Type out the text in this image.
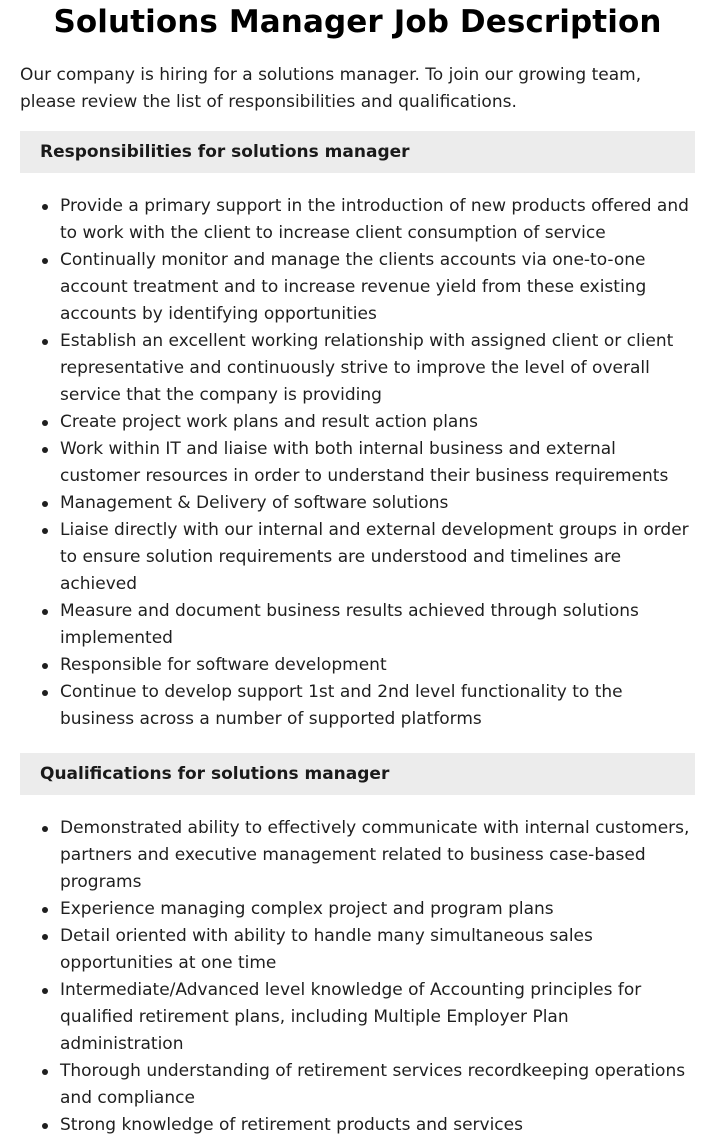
Solutions Manager Job Description

Our company is hiring for a solutions manager. To join our growing team, please review the list of responsibilities and qualifications.

Responsibilities for solutions manager
Provide a primary support in the introduction of new products offered and to work with the client to increase client consumption of service
Continually monitor and manage the clients accounts via one-to-one account treatment and to increase revenue yield from these existing accounts by identifying opportunities
Establish an excellent working relationship with assigned client or client representative and continuously strive to improve the level of overall service that the company is providing
Create project work plans and result action plans
Work within IT and liaise with both internal business and external customer resources in order to understand their business requirements
Management & Delivery of software solutions
Liaise directly with our internal and external development groups in order to ensure solution requirements are understood and timelines are achieved
Measure and document business results achieved through solutions implemented
Responsible for software development
Continue to develop support 1st and 2nd level functionality to the business across a number of supported platforms
Qualifications for solutions manager
Demonstrated ability to effectively communicate with internal customers, partners and executive management related to business case-based programs
Experience managing complex project and program plans
Detail oriented with ability to handle many simultaneous sales opportunities at one time
Intermediate/Advanced level knowledge of Accounting principles for qualified retirement plans, including Multiple Employer Plan administration
Thorough understanding of retirement services recordkeeping operations and compliance
Strong knowledge of retirement products and services
